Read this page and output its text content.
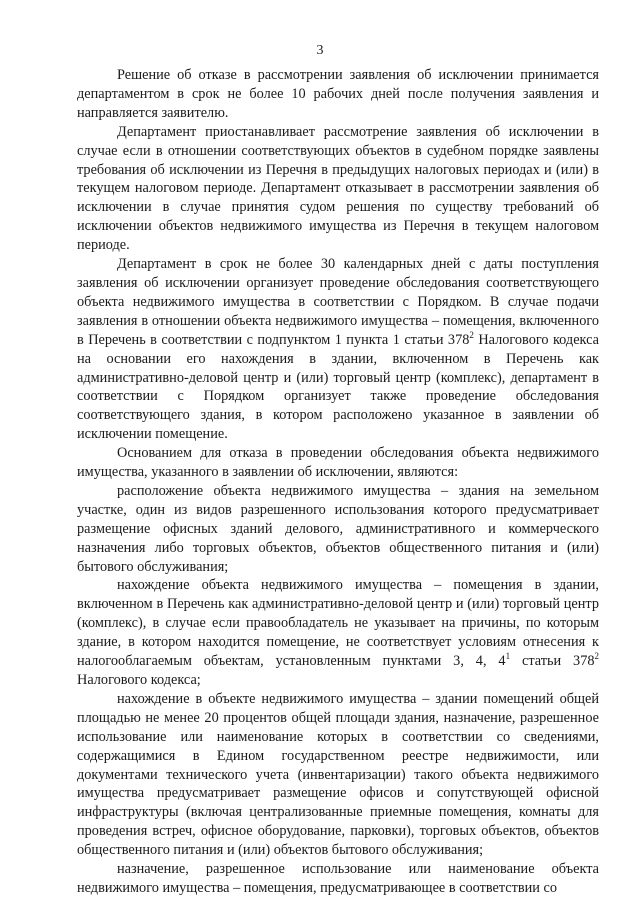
3

Решение об отказе в рассмотрении заявления об исключении принимается департаментом в срок не более 10 рабочих дней после получения заявления и направляется заявителю.

Департамент приостанавливает рассмотрение заявления об исключении в случае если в отношении соответствующих объектов в судебном порядке заявлены требования об исключении из Перечня в предыдущих налоговых периодах и (или) в текущем налоговом периоде. Департамент отказывает в рассмотрении заявления об исключении в случае принятия судом решения по существу требований об исключении объектов недвижимого имущества из Перечня в текущем налоговом периоде.

Департамент в срок не более 30 календарных дней с даты поступления заявления об исключении организует проведение обследования соответствующего объекта недвижимого имущества в соответствии с Порядком. В случае подачи заявления в отношении объекта недвижимого имущества – помещения, включенного в Перечень в соответствии с подпунктом 1 пункта 1 статьи $378^2$ Налогового кодекса на основании его нахождения в здании, включенном в Перечень как административно-деловой центр и (или) торговый центр (комплекс), департамент в соответствии с Порядком организует также проведение обследования соответствующего здания, в котором расположено указанное в заявлении об исключении помещение.

Основанием для отказа в проведении обследования объекта недвижимого имущества, указанного в заявлении об исключении, являются:

расположение объекта недвижимого имущества – здания на земельном участке, один из видов разрешенного использования которого предусматривает размещение офисных зданий делового, административного и коммерческого назначения либо торговых объектов, объектов общественного питания и (или) бытового обслуживания;

нахождение объекта недвижимого имущества – помещения в здании, включенном в Перечень как административно-деловой центр и (или) торговый центр (комплекс), в случае если правообладатель не указывает на причины, по которым здание, в котором находится помещение, не соответствует условиям отнесения к налогооблагаемым объектам, установленным пунктами 3, 4, $4^1$ статьи $378^2$ Налогового кодекса;

нахождение в объекте недвижимого имущества – здании помещений общей площадью не менее 20 процентов общей площади здания, назначение, разрешенное использование или наименование которых в соответствии со сведениями, содержащимися в Едином государственном реестре недвижимости, или документами технического учета (инвентаризации) такого объекта недвижимого имущества предусматривает размещение офисов и сопутствующей офисной инфраструктуры (включая централизованные приемные помещения, комнаты для проведения встреч, офисное оборудование, парковки), торговых объектов, объектов общественного питания и (или) объектов бытового обслуживания;

назначение, разрешенное использование или наименование объекта недвижимого имущества – помещения, предусматривающее в соответствии со
